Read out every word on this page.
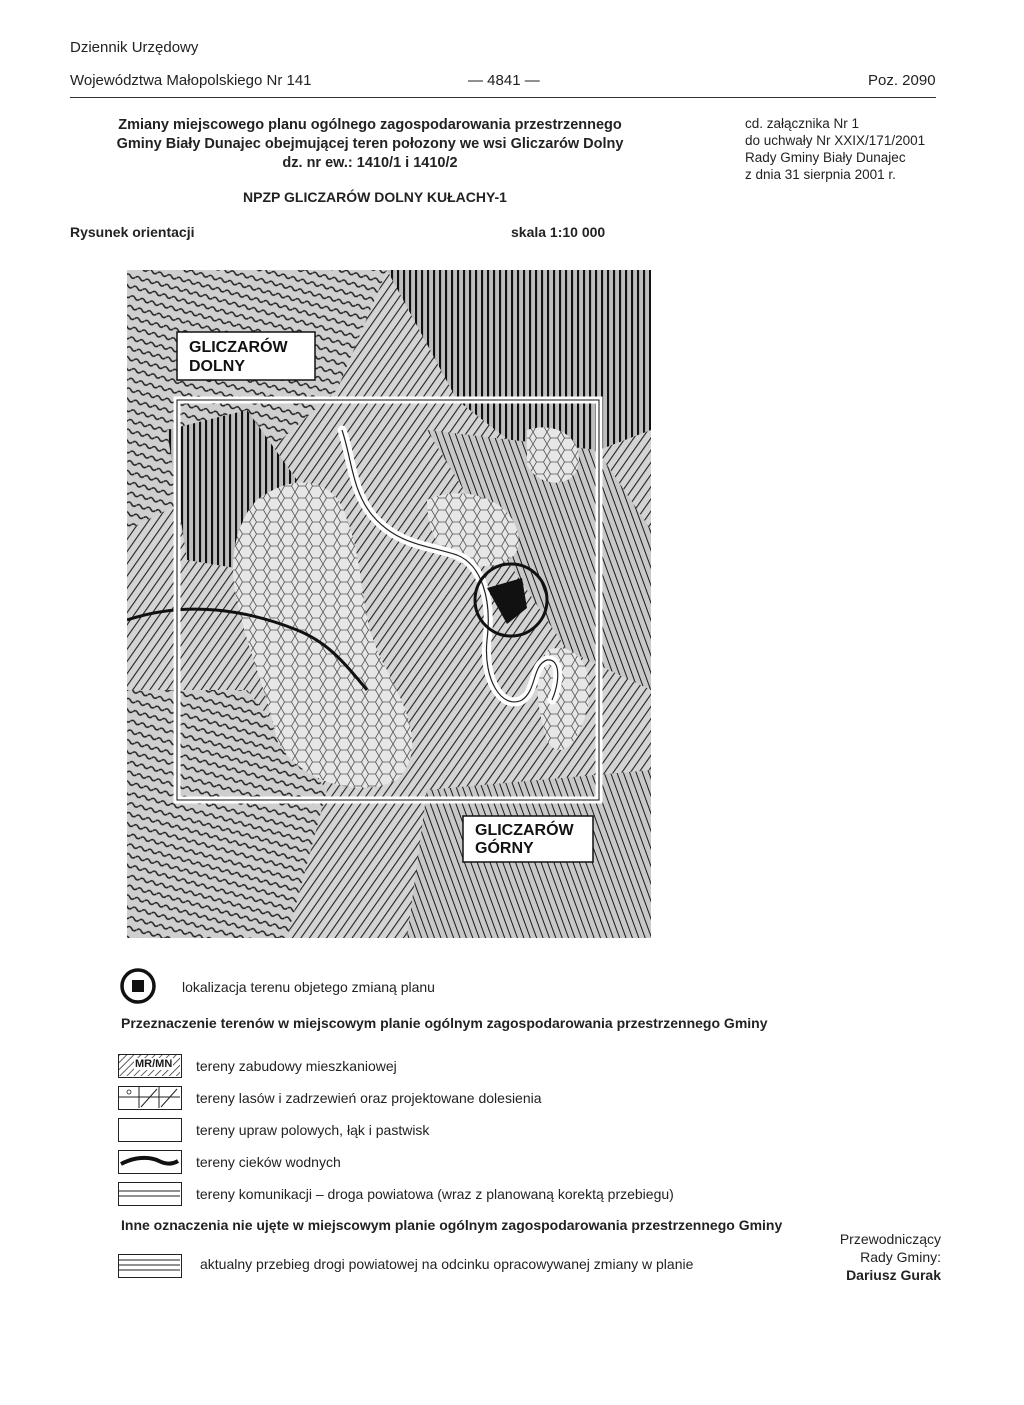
Dziennik Urzędowy
Województwa Małopolskiego Nr 141	— 4841 —	Poz. 2090
Zmiany miejscowego planu ogólnego zagospodarowania przestrzennego
Gminy Biały Dunajec obejmującej teren połozony we wsi Gliczarów Dolny
dz. nr ew.: 1410/1 i 1410/2
NPZP GLICZARÓW DOLNY KUŁACHY-1
cd. załącznika Nr 1
do uchwały Nr XXIX/171/2001
Rady Gminy Biały Dunajec
z dnia 31 sierpnia 2001 r.
Rysunek orientacji	skala 1:10 000
GLICZARÓW
DOLNY
GLICZARÓW
GÓRNY
lokalizacja terenu objetego zmianą planu
Przeznaczenie terenów w miejscowym planie ogólnym zagospodarowania przestrzennego Gminy
MR/MN tereny zabudowy mieszkaniowej
tereny lasów i zadrzewień oraz projektowane dolesienia
tereny upraw polowych, łąk i pastwisk
tereny cieków wodnych
tereny komunikacji – droga powiatowa (wraz z planowaną korektą przebiegu)
Inne oznaczenia nie ujęte w miejscowym planie ogólnym zagospodarowania przestrzennego Gminy
aktualny przebieg drogi powiatowej na odcinku opracowywanej zmiany w planie
Przewodniczący
Rady Gminy:
Dariusz Gurak
